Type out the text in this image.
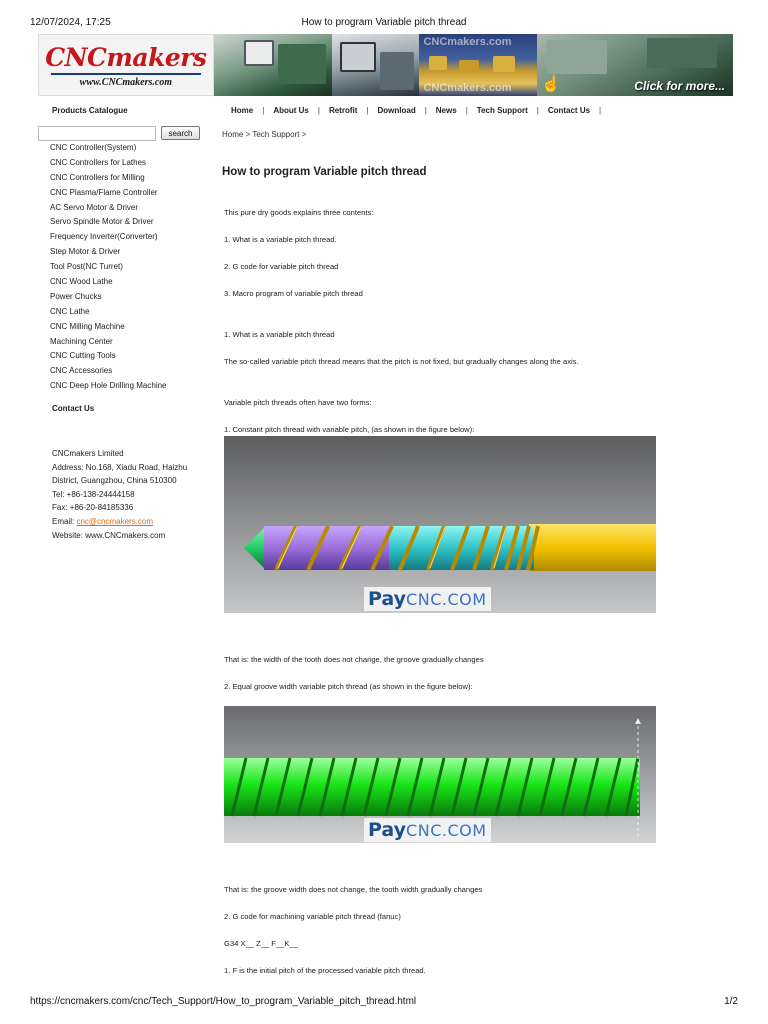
12/07/2024, 17:25	How to program Variable pitch thread
CNCmakers
www.CNCmakers.com
CNCmakers.com
CNCmakers.com ☝	Click for more...
Products Catalogue
search
CNC Controller(System)
CNC Controllers for Lathes
CNC Controllers for Milling
CNC Plasma/Flame Controller
AC Servo Motor & Driver
Servo Spindle Motor & Driver
Frequency Inverter(Converter)
Step Motor & Driver
Tool Post(NC Turret)
CNC Wood Lathe
Power Chucks
CNC Lathe
CNC Milling Machine
Machining Center
CNC Cutting Tools
CNC Accessories
CNC Deep Hole Drilling Machine
Contact Us
CNCmakers Limited
Address: No.168, Xiadu Road, Haizhu
District, Guangzhou, China 510300
Tel: +86-138-24444158
Fax: +86-20-84185336
Email: cnc@cncmakers.com
Website: www.CNCmakers.com
Home	|	About Us	|	Retrofit	|	Download	|	News	|	Tech Support	|	Contact Us	|
Home > Tech Support >
How to program Variable pitch thread
This pure dry goods explains three contents:
1. What is a variable pitch thread.
2. G code for variable pitch thread
3. Macro program of variable pitch thread
1. What is a variable pitch thread
The so-called variable pitch thread means that the pitch is not fixed, but gradually changes along the axis.
Variable pitch threads often have two forms:
1. Constant pitch thread with variable pitch, (as shown in the figure below):
Pay CNC.COM
That is: the width of the tooth does not change, the groove gradually changes
2. Equal groove width variable pitch thread (as shown in the figure below):
Pay CNC.COM
That is: the groove width does not change, the tooth width gradually changes
2. G code for machining variable pitch thread (fanuc)
G34 X__ Z__ F__K__
1. F is the initial pitch of the processed variable pitch thread.
https://cncmakers.com/cnc/Tech_Support/How_to_program_Variable_pitch_thread.html	1/2
